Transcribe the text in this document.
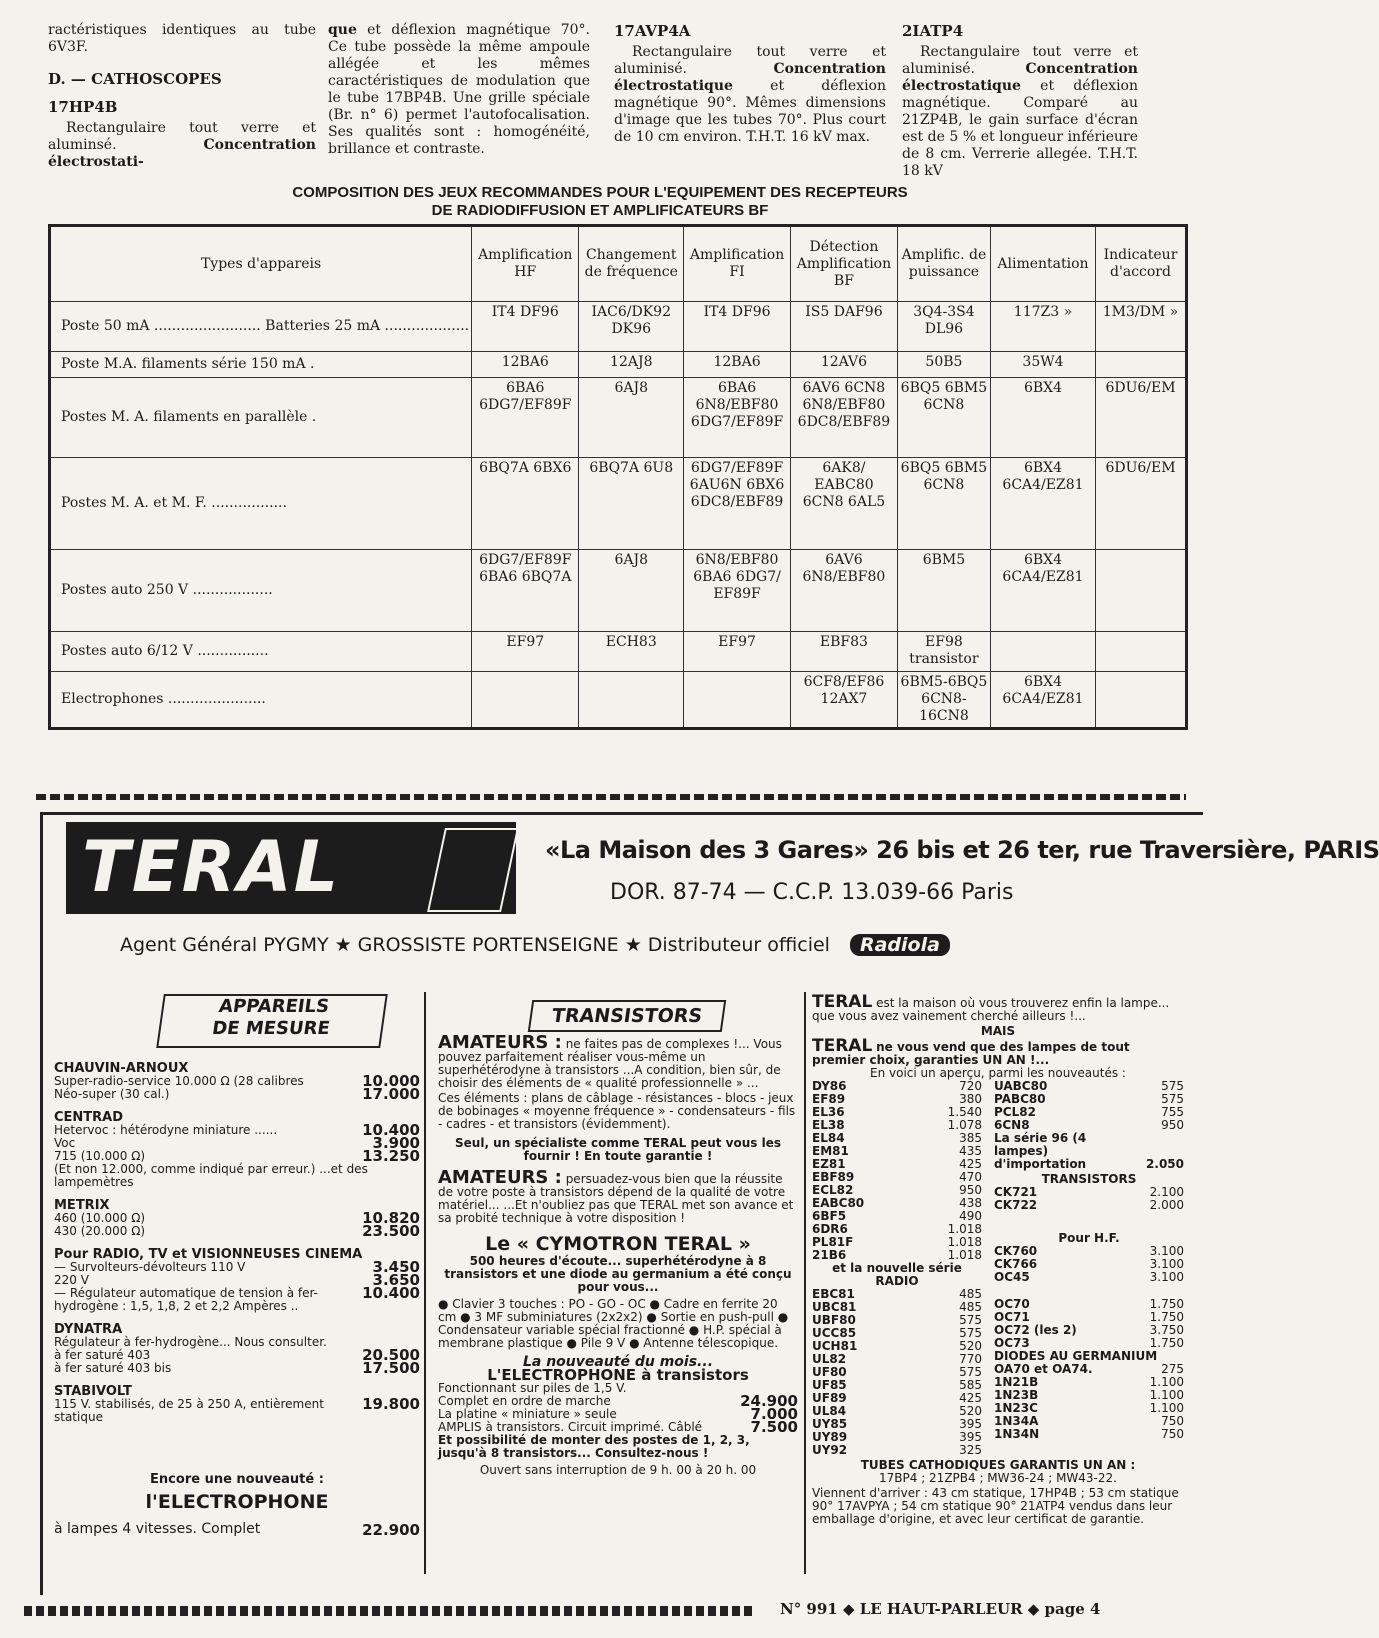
ractéristiques identiques au tube 6V3F.

D. — CATHOSCOPES

17HP4B

Rectangulaire tout verre et aluminsé.	Concentration électrostati-

que et déflexion magnétique 70°. Ce tube possède la même ampoule allégée et les mêmes caractéristiques de modulation que le tube 17BP4B. Une grille spéciale (Br. n° 6) permet l'autofocalisation. Ses qualités sont : homogénéité, brillance et contraste.

17AVP4A

Rectangulaire tout verre et aluminisé.	Concentration électrostatique	et déflexion magnétique 90°. Mêmes dimensions d'image que les tubes 70°. Plus court de 10 cm environ. T.H.T. 16 kV max.

2IATP4

Rectangulaire tout verre et aluminisé.	Concentration électrostatique et déflexion magnétique. Comparé au 21ZP4B, le gain surface d'écran est de 5 % et longueur inférieure de 8 cm. Verrerie allegée. T.H.T. 18 kV

COMPOSITION DES JEUX RECOMMANDES POUR L'EQUIPEMENT DES RECEPTEURS
DE RADIODIFFUSION ET AMPLIFICATEURS BF
Types d'appareis	Amplification HF	Changement de fréquence	Amplification FI	Détection Amplification BF	Amplific. de puissance	Alimentation	Indicateur d'accord
Poste 50 mA ........................ Batteries 25 mA ...................	IT4 DF96	IAC6/DK92 DK96	IT4 DF96	IS5 DAF96	3Q4-3S4 DL96	117Z3 »	1M3/DM »
Poste M.A. filaments série 150 mA .	12BA6	12AJ8	12BA6	12AV6	50B5	35W4	
Postes M. A. filaments en parallèle .	6BA6 6DG7/EF89F	6AJ8	6BA6 6N8/EBF80 6DG7/EF89F	6AV6 6CN8 6N8/EBF80 6DC8/EBF89	6BQ5 6BM5 6CN8	6BX4	6DU6/EM
Postes M. A. et M. F. .................	6BQ7A 6BX6	6BQ7A 6U8	6DG7/EF89F 6AU6N 6BX6 6DC8/EBF89	6AK8/ EABC80 6CN8 6AL5	6BQ5 6BM5 6CN8	6BX4 6CA4/EZ81	6DU6/EM
Postes auto 250 V ..................	6DG7/EF89F 6BA6 6BQ7A	6AJ8	6N8/EBF80 6BA6 6DG7/ EF89F	6AV6 6N8/EBF80	6BM5	6BX4 6CA4/EZ81	
Postes auto 6/12 V ................	EF97	ECH83	EF97	EBF83	EF98 transistor		
Electrophones ......................				6CF8/EF86 12AX7	6BM5-6BQ5 6CN8-16CN8	6BX4 6CA4/EZ81	
TERAL	«La Maison des 3 Gares» 26 bis et 26 ter, rue Traversière, PARIS
DOR. 87-74 — C.C.P. 13.039-66 Paris
Agent Général PYGMY ★ GROSSISTE PORTENSEIGNE ★ Distributeur officiel Radiola
APPAREILS
DE MESURE
CHAUVIN-ARNOUX
Super-radio-service 10.000 Ω (28 calibres	10.000
Néo-super (30 cal.)	17.000
CENTRAD
Hetervoc : hétérodyne miniature ......	10.400
Voc	3.900
715 (10.000 Ω)	13.250
(Et non 12.000, comme indiqué par erreur.) ...et des lampemètres
METRIX
460 (10.000 Ω)	10.820
430 (20.000 Ω)	23.500
Pour RADIO, TV et VISIONNEUSES CINEMA
— Survolteurs-dévolteurs 110 V	3.450
220 V	3.650
— Régulateur automatique de tension à fer-hydrogène : 1,5, 1,8, 2 et 2,2 Ampères ..
10.400
DYNATRA
Régulateur à fer-hydrogène... Nous consulter.
à fer saturé 403	20.500
à fer saturé 403 bis	17.500
STABIVOLT
115 V. stabilisés, de 25 à 250 A, entièrement statique
19.800
Encore une nouveauté :
l'ELECTROPHONE
à lampes 4 vitesses. Complet	22.900
TRANSISTORS
AMATEURS : ne faites pas de complexes !... Vous pouvez parfaitement réaliser vous-même un superhétérodyne à transistors ...A condition, bien sûr, de choisir des éléments de « qualité professionnelle » ...
Ces éléments : plans de câblage - résistances - blocs - jeux de bobinages « moyenne fréquence » - condensateurs - fils - cadres - et transistors (évidemment).
Seul, un spécialiste comme TERAL peut vous les fournir ! En toute garantie !
AMATEURS : persuadez-vous bien que la réussite de votre poste à transistors dépend de la qualité de votre matériel... ...Et n'oubliez pas que TERAL met son avance et sa probité technique à votre disposition !
Le « CYMOTRON TERAL »
500 heures d'écoute... superhétérodyne à 8 transistors et une diode au germanium a été conçu pour vous...
● Clavier 3 touches : PO - GO - OC ● Cadre en ferrite 20 cm ● 3 MF subminiatures (2x2x2) ● Sortie en push-pull ● Condensateur variable spécial fractionné ● H.P. spécial à membrane plastique ● Pile 9 V ● Antenne télescopique.
La nouveauté du mois...
L'ELECTROPHONE à transistors
Fonctionnant sur piles de 1,5 V.
Complet en ordre de marche	24.900
La platine « miniature » seule	7.000
AMPLIS à transistors. Circuit imprimé. Câblé	7.500
Et possibilité de monter des postes de 1, 2, 3, jusqu'à 8 transistors... Consultez-nous !
Ouvert sans interruption de 9 h. 00 à 20 h. 00
TERAL est la maison où vous trouverez enfin la lampe... que vous avez vainement cherché ailleurs !...
MAIS
TERAL ne vous vend que des lampes de tout premier choix, garanties UN AN !...
En voici un aperçu, parmi les nouveautés :
DY86	720
EF89	380
EL36	1.540
EL38	1.078
EL84	385
EM81	435
EZ81	425
EBF89	470
ECL82	950
EABC80	438
6BF5	490
6DR6	1.018
PL81F	1.018
21B6	1.018
et la nouvelle série RADIO
EBC81	485
UBC81	485
UBF80	575
UCC85	575
UCH81	520
UL82	770
UF80	575
UF85	585
UF89	425
UL84	520
UY85	395
UY89	395
UY92	325
UABC80	575
PABC80	575
PCL82	755
6CN8	950
La série 96 (4 lampes) d'importation	2.050
TRANSISTORS
CK721	2.100
CK722	2.000
Pour H.F.
CK760	3.100
CK766	3.100
OC45	3.100
OC70	1.750
OC71	1.750
OC72 (les 2)	3.750
OC73	1.750
DIODES AU GERMANIUM
OA70 et OA74.	275
1N21B	1.100
1N23B	1.100
1N23C	1.100
1N34A	750
1N34N	750
TUBES CATHODIQUES GARANTIS UN AN :
17BP4 ; 21ZPB4 ; MW36-24 ; MW43-22.
Viennent d'arriver : 43 cm statique, 17HP4B ; 53 cm statique 90° 17AVPYA ; 54 cm statique 90° 21ATP4 vendus dans leur emballage d'origine, et avec leur certificat de garantie.
N° 991 ◆ LE HAUT-PARLEUR ◆ page 4
